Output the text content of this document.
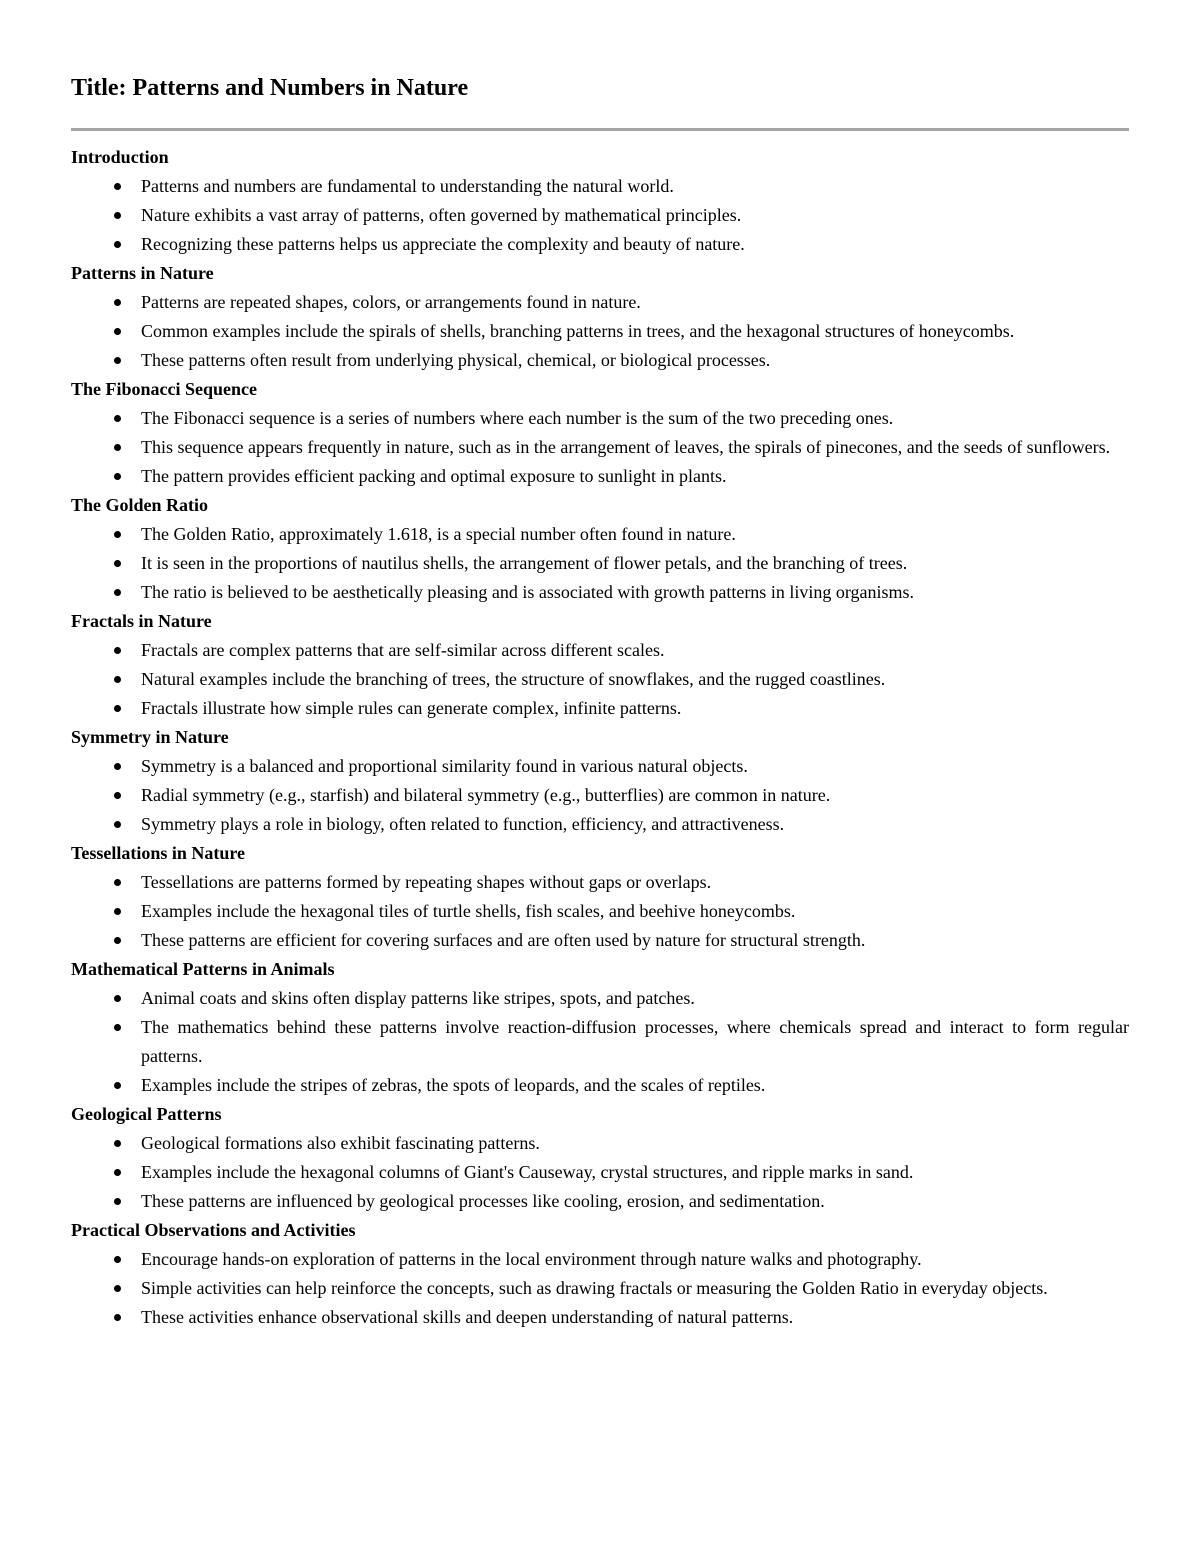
Title: Patterns and Numbers in Nature
Introduction
Patterns and numbers are fundamental to understanding the natural world.
Nature exhibits a vast array of patterns, often governed by mathematical principles.
Recognizing these patterns helps us appreciate the complexity and beauty of nature.
Patterns in Nature
Patterns are repeated shapes, colors, or arrangements found in nature.
Common examples include the spirals of shells, branching patterns in trees, and the hexagonal structures of honeycombs.
These patterns often result from underlying physical, chemical, or biological processes.
The Fibonacci Sequence
The Fibonacci sequence is a series of numbers where each number is the sum of the two preceding ones.
This sequence appears frequently in nature, such as in the arrangement of leaves, the spirals of pinecones, and the seeds of sunflowers.
The pattern provides efficient packing and optimal exposure to sunlight in plants.
The Golden Ratio
The Golden Ratio, approximately 1.618, is a special number often found in nature.
It is seen in the proportions of nautilus shells, the arrangement of flower petals, and the branching of trees.
The ratio is believed to be aesthetically pleasing and is associated with growth patterns in living organisms.
Fractals in Nature
Fractals are complex patterns that are self-similar across different scales.
Natural examples include the branching of trees, the structure of snowflakes, and the rugged coastlines.
Fractals illustrate how simple rules can generate complex, infinite patterns.
Symmetry in Nature
Symmetry is a balanced and proportional similarity found in various natural objects.
Radial symmetry (e.g., starfish) and bilateral symmetry (e.g., butterflies) are common in nature.
Symmetry plays a role in biology, often related to function, efficiency, and attractiveness.
Tessellations in Nature
Tessellations are patterns formed by repeating shapes without gaps or overlaps.
Examples include the hexagonal tiles of turtle shells, fish scales, and beehive honeycombs.
These patterns are efficient for covering surfaces and are often used by nature for structural strength.
Mathematical Patterns in Animals
Animal coats and skins often display patterns like stripes, spots, and patches.
The mathematics behind these patterns involve reaction-diffusion processes, where chemicals spread and interact to form regular patterns.
Examples include the stripes of zebras, the spots of leopards, and the scales of reptiles.
Geological Patterns
Geological formations also exhibit fascinating patterns.
Examples include the hexagonal columns of Giant's Causeway, crystal structures, and ripple marks in sand.
These patterns are influenced by geological processes like cooling, erosion, and sedimentation.
Practical Observations and Activities
Encourage hands-on exploration of patterns in the local environment through nature walks and photography.
Simple activities can help reinforce the concepts, such as drawing fractals or measuring the Golden Ratio in everyday objects.
These activities enhance observational skills and deepen understanding of natural patterns.
